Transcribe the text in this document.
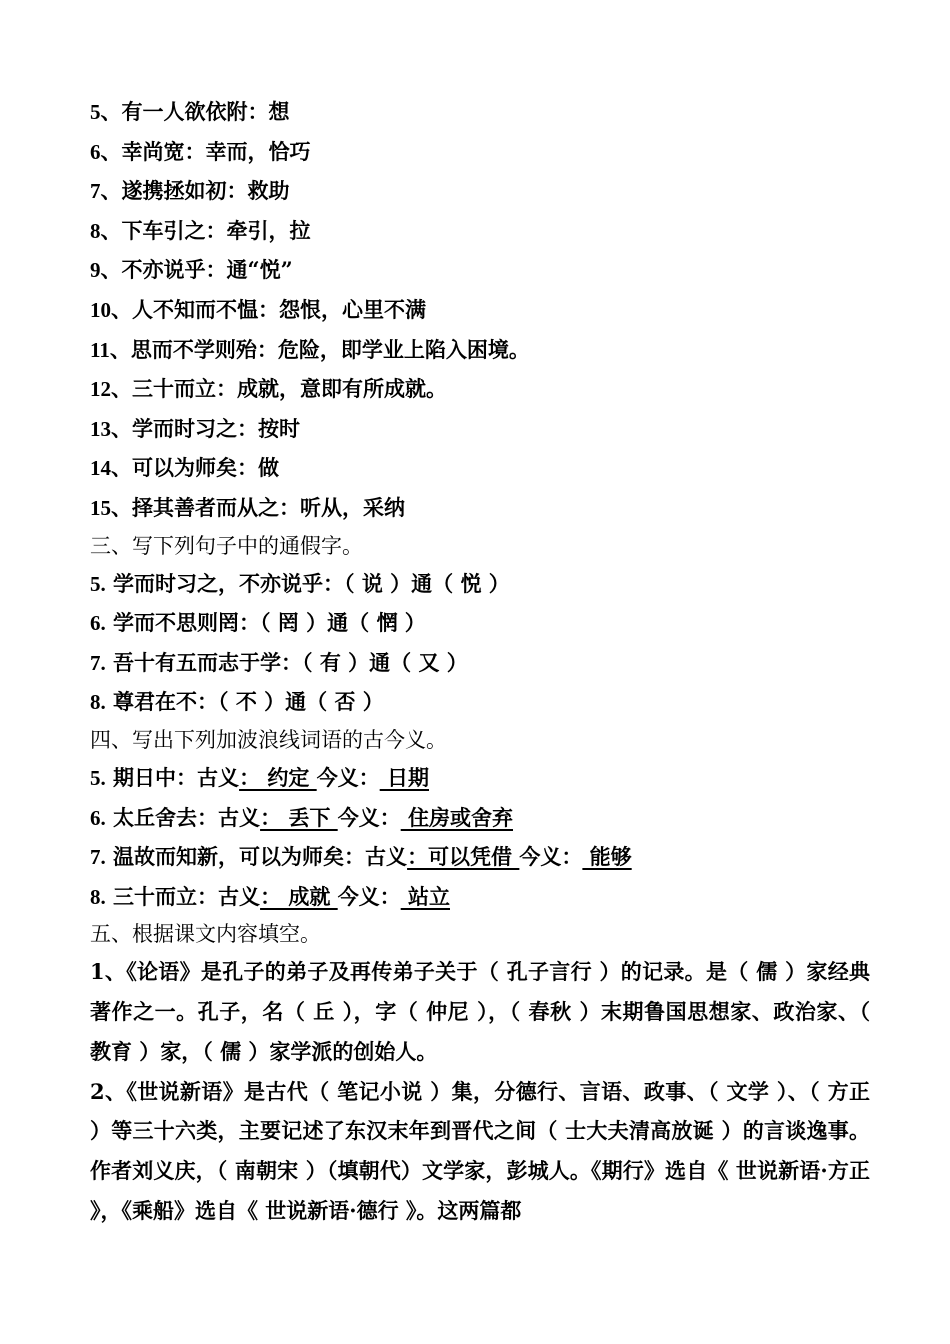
5、有一人欲依附：想
6、幸尚宽：幸而，恰巧
7、遂携拯如初：救助
8、下车引之：牵引，拉
9、不亦说乎：通“悦”
10、人不知而不愠：怨恨，心里不满
11、思而不学则殆：危险，即学业上陷入困境。
12、三十而立：成就，意即有所成就。
13、学而时习之：按时
14、可以为师矣：做
15、择其善者而从之：听从，采纳
三、写下列句子中的通假字。
5. 学而时习之，不亦说乎：（ 说 ）通（ 悦 ）
6. 学而不思则罔：（ 罔 ）通（ 惘 ）
7. 吾十有五而志于学：（ 有 ）通（ 又 ）
8. 尊君在不：（ 不 ）通（ 否 ）
四、写出下列加波浪线词语的古今义。
5. 期日中：古义： 约定 今义： 日期
6. 太丘舍去：古义： 丢下 今义： 住房或舍弃
7. 温故而知新，可以为师矣：古义：可以凭借 今义： 能够
8. 三十而立：古义： 成就 今义： 站立
五、根据课文内容填空。
1、《论语》是孔子的弟子及再传弟子关于（ 孔子言行 ）的记录。是（ 儒 ）家经典著作之一。孔子，名（ 丘 ），字（ 仲尼 ），（ 春秋 ）末期鲁国思想家、政治家、（ 教育 ）家，（ 儒 ）家学派的创始人。
2、《世说新语》是古代（ 笔记小说 ）集，分德行、言语、政事、（ 文学 ）、（ 方正 ）等三十六类，主要记述了东汉末年到晋代之间（ 士大夫清高放诞 ）的言谈逸事。作者刘义庆，（ 南朝宋 ）（填朝代）文学家，彭城人。《期行》选自《 世说新语·方正 》，《乘船》选自《 世说新语·德行 》。这两篇都
